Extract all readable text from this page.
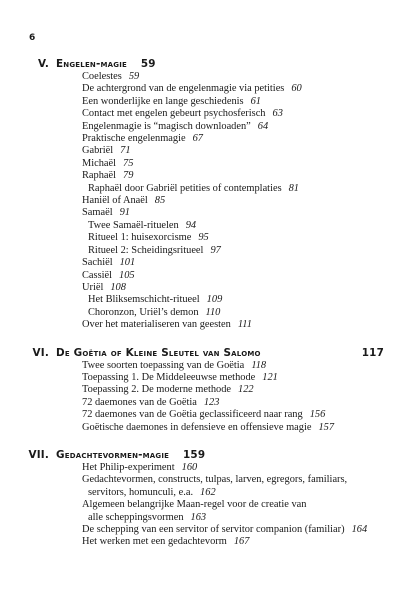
6
V. Engelen-magie 59
Coelestes 59
De achtergrond van de engelenmagie via petities 60
Een wonderlijke en lange geschiedenis 61
Contact met engelen gebeurt psychosferisch 63
Engelenmagie is “magisch downloaden” 64
Praktische engelenmagie 67
Gabriël 71
Michaël 75
Raphaël 79
Raphaël door Gabriël petities of contemplaties 81
Haniël of Anaël 85
Samaël 91
Twee Samaël-rituelen 94
Ritueel 1: huisexorcisme 95
Ritueel 2: Scheidingsritueel 97
Sachiël 101
Cassiël 105
Uriël 108
Het Bliksemschicht-ritueel 109
Choronzon, Uriël’s demon 110
Over het materialiseren van geesten 111
VI. De Goëtia of Kleine Sleutel van Salomo	117
Twee soorten toepassing van de Goëtia 118
Toepassing 1. De Middeleeuwse methode 121
Toepassing 2. De moderne methode 122
72 daemones van de Goëtia 123
72 daemones van de Goëtia geclassificeerd naar rang 156
Goëtische daemones in defensieve en offensieve magie 157
VII. Gedachtevormen-magie 159
Het Philip-experiment 160
Gedachtevormen, constructs, tulpas, larven, egregors, familiars,
servitors, homunculi, e.a. 162
Algemeen belangrijke Maan-regel voor de creatie van
alle scheppingsvormen 163
De schepping van een servitor of servitor companion (familiar) 164
Het werken met een gedachtevorm 167
